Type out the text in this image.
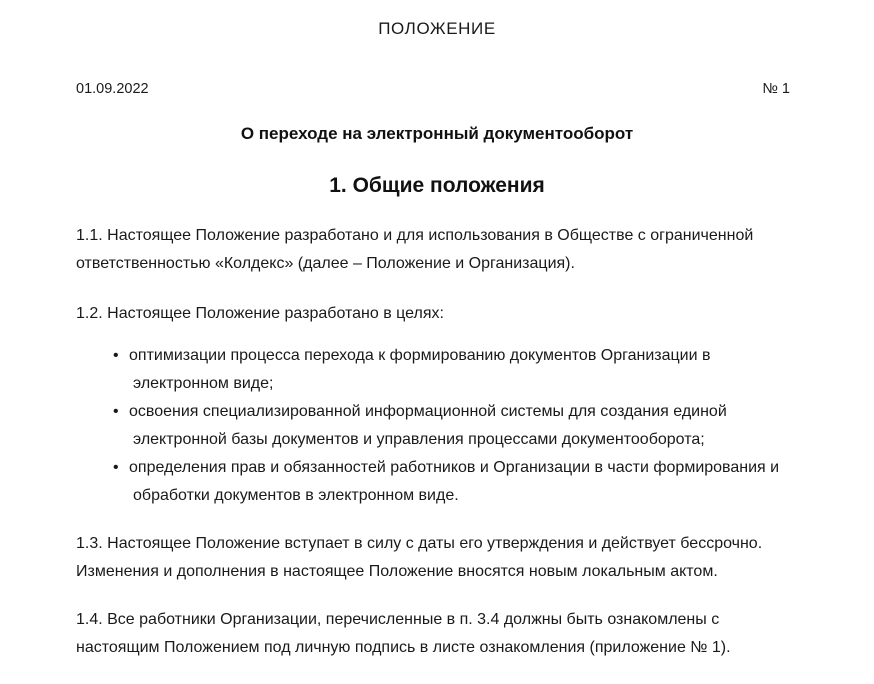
ПОЛОЖЕНИЕ
01.09.2022	№ 1
О переходе на электронный документооборот
1. Общие положения

1.1. Настоящее Положение разработано и для использования в Обществе с ограниченной ответственностью «Колдекс» (далее – Положение и Организация).

1.2. Настоящее Положение разработано в целях:

• оптимизации процесса перехода к формированию документов Организации в электронном виде;
• освоения специализированной информационной системы для создания единой электронной базы документов и управления процессами документооборота;
• определения прав и обязанностей работников и Организации в части формирования и обработки документов в электронном виде.

1.3. Настоящее Положение вступает в силу с даты его утверждения и действует бессрочно. Изменения и дополнения в настоящее Положение вносятся новым локальным актом.

1.4. Все работники Организации, перечисленные в п. 3.4 должны быть ознакомлены с настоящим Положением под личную подпись в листе ознакомления (приложение № 1).
